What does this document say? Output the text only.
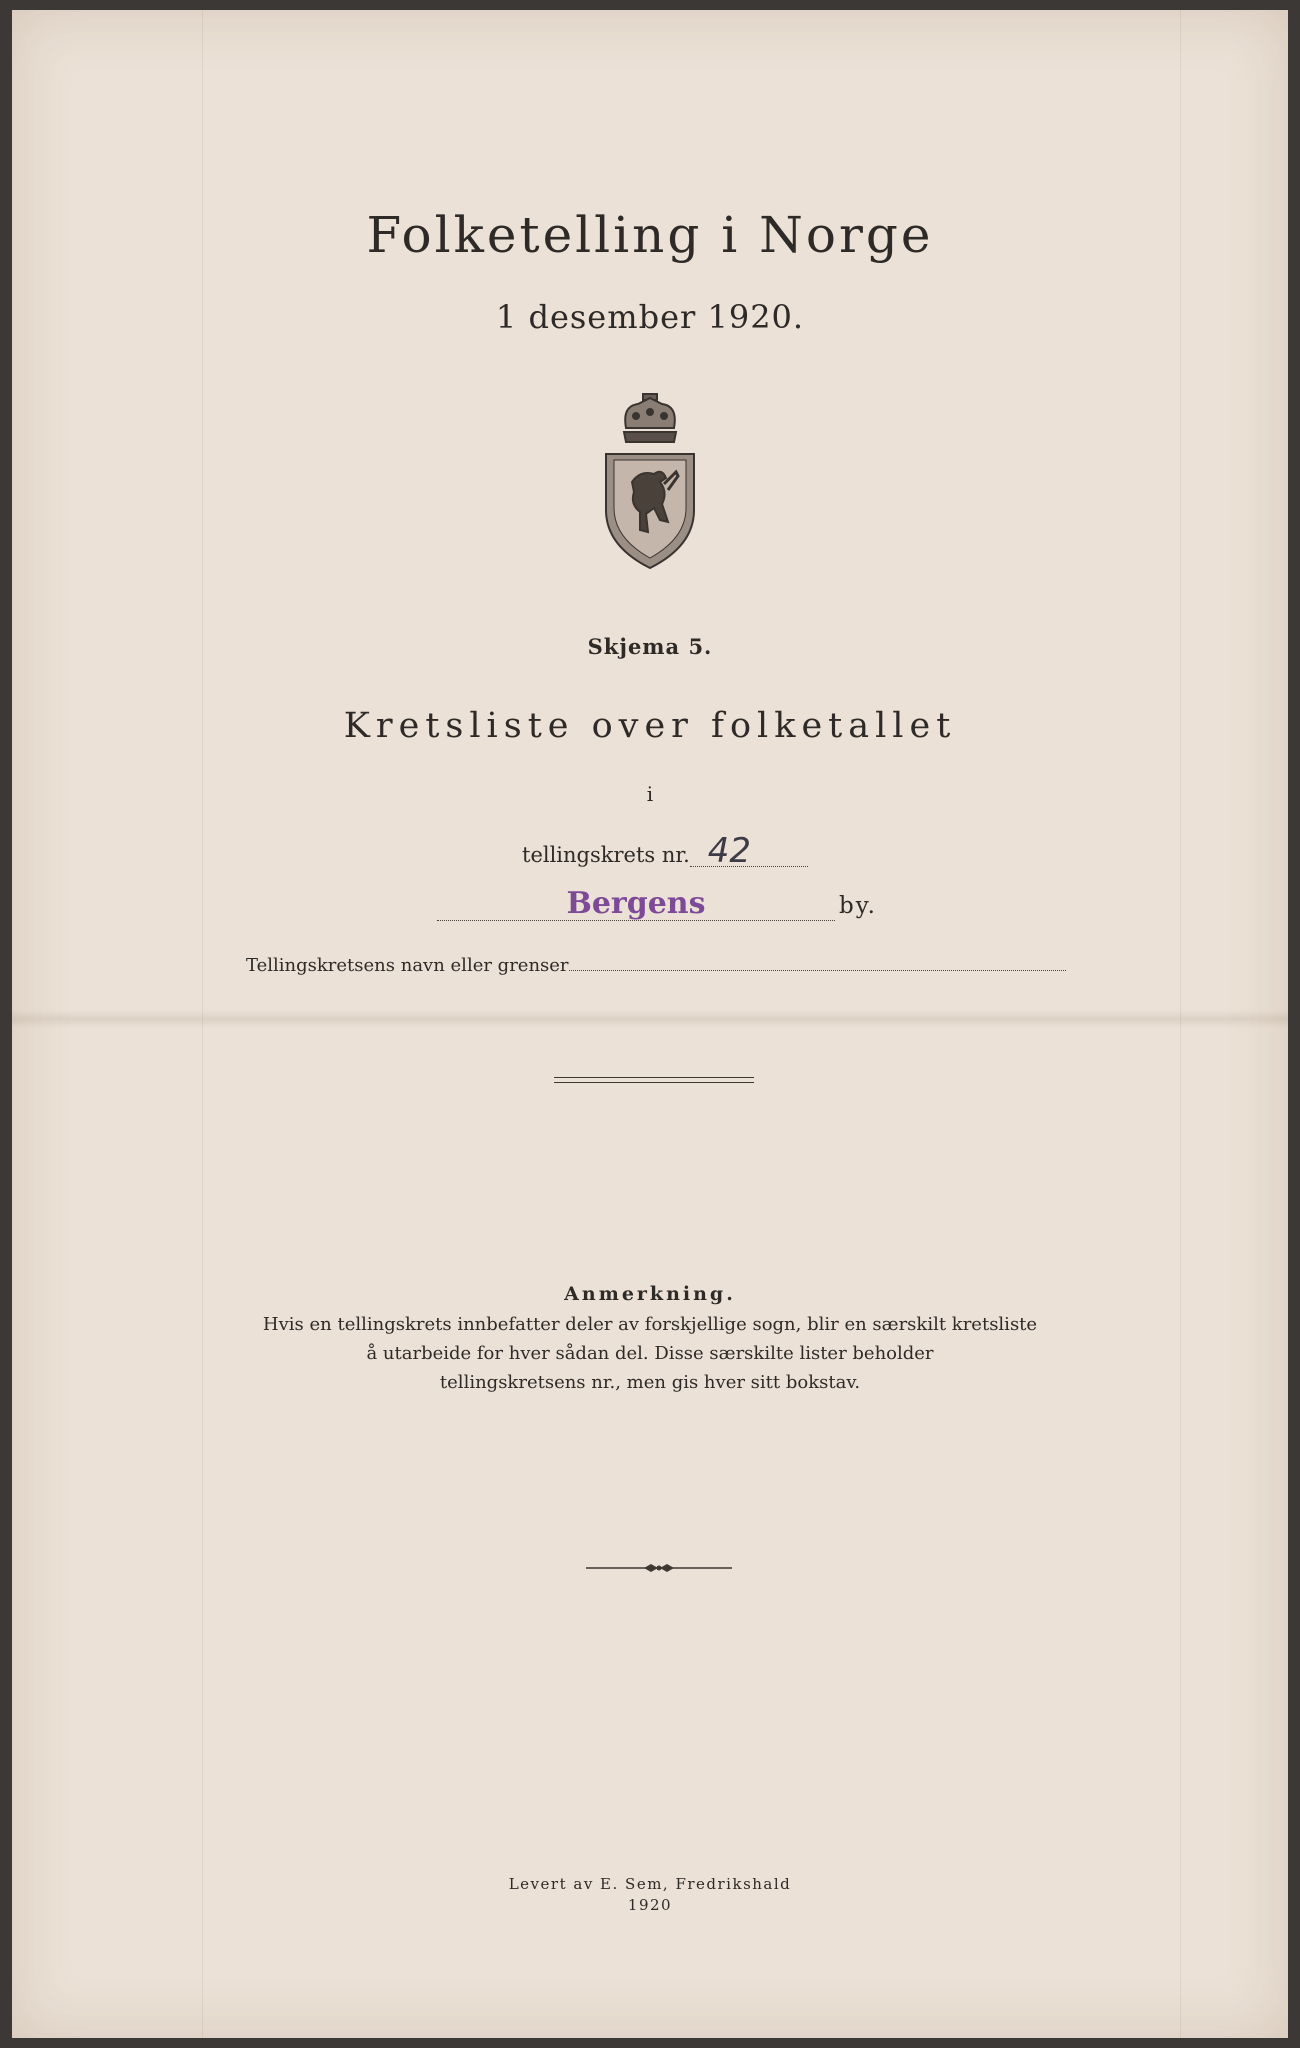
Folketelling i Norge
1 desember 1920.
Skjema 5.
Kretsliste over folketallet
i
tellingskrets nr. 42
Bergens	by.
Tellingskretsens navn eller grenser
Anmerkning.
Hvis en tellingskrets innbefatter deler av forskjellige sogn, blir en særskilt kretsliste
å utarbeide for hver sådan del. Disse særskilte lister beholder
tellingskretsens nr., men gis hver sitt bokstav.
Levert av E. Sem, Fredrikshald
1920
